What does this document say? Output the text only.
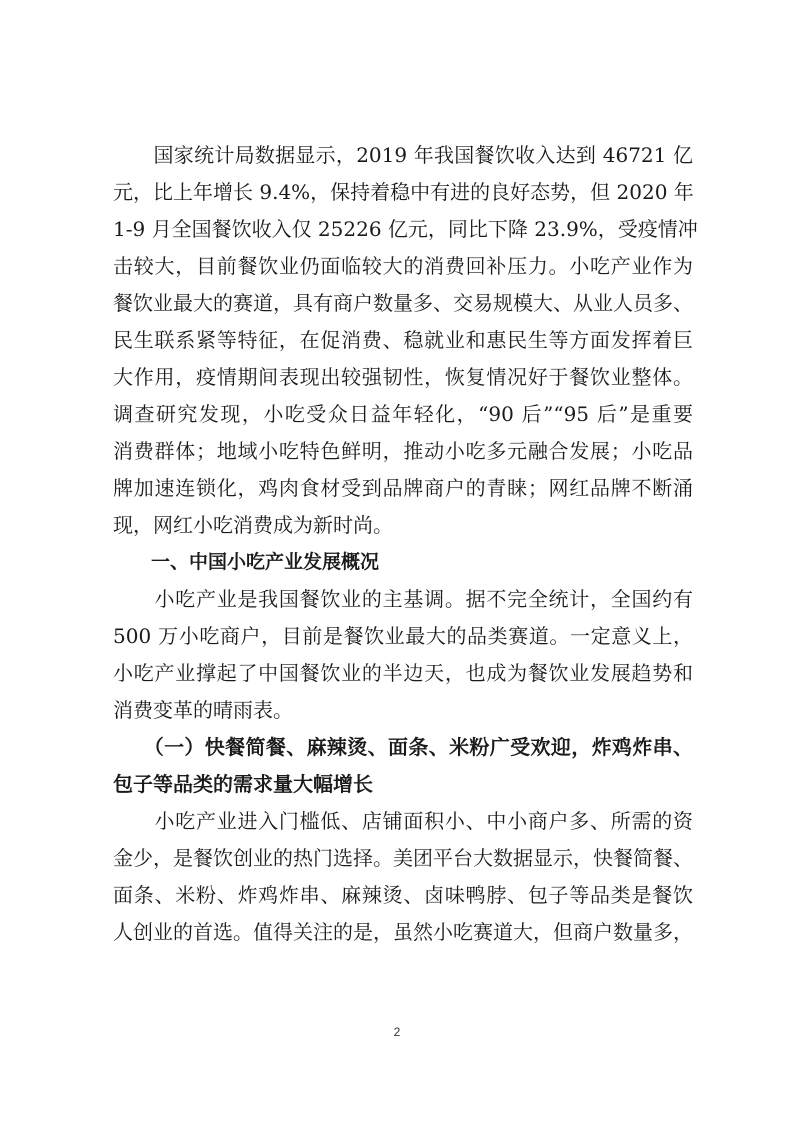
　　国家统计局数据显示，2019 年我国餐饮收入达到 46721 亿
元，比上年增长 9.4%，保持着稳中有进的良好态势，但 2020 年
1-9 月全国餐饮收入仅 25226 亿元，同比下降 23.9%，受疫情冲
击较大，目前餐饮业仍面临较大的消费回补压力。小吃产业作为
餐饮业最大的赛道，具有商户数量多、交易规模大、从业人员多、
民生联系紧等特征，在促消费、稳就业和惠民生等方面发挥着巨
大作用，疫情期间表现出较强韧性，恢复情况好于餐饮业整体。
调查研究发现，小吃受众日益年轻化，“90 后”“95 后”是重要
消费群体；地域小吃特色鲜明，推动小吃多元融合发展；小吃品
牌加速连锁化，鸡肉食材受到品牌商户的青睐；网红品牌不断涌
现，网红小吃消费成为新时尚。
　　一、中国小吃产业发展概况
　　小吃产业是我国餐饮业的主基调。据不完全统计，全国约有
500 万小吃商户，目前是餐饮业最大的品类赛道。一定意义上，
小吃产业撑起了中国餐饮业的半边天，也成为餐饮业发展趋势和
消费变革的晴雨表。
　　（一）快餐简餐、麻辣烫、面条、米粉广受欢迎，炸鸡炸串、
包子等品类的需求量大幅增长
　　小吃产业进入门槛低、店铺面积小、中小商户多、所需的资
金少，是餐饮创业的热门选择。美团平台大数据显示，快餐简餐、
面条、米粉、炸鸡炸串、麻辣烫、卤味鸭脖、包子等品类是餐饮
人创业的首选。值得关注的是，虽然小吃赛道大，但商户数量多，
2
